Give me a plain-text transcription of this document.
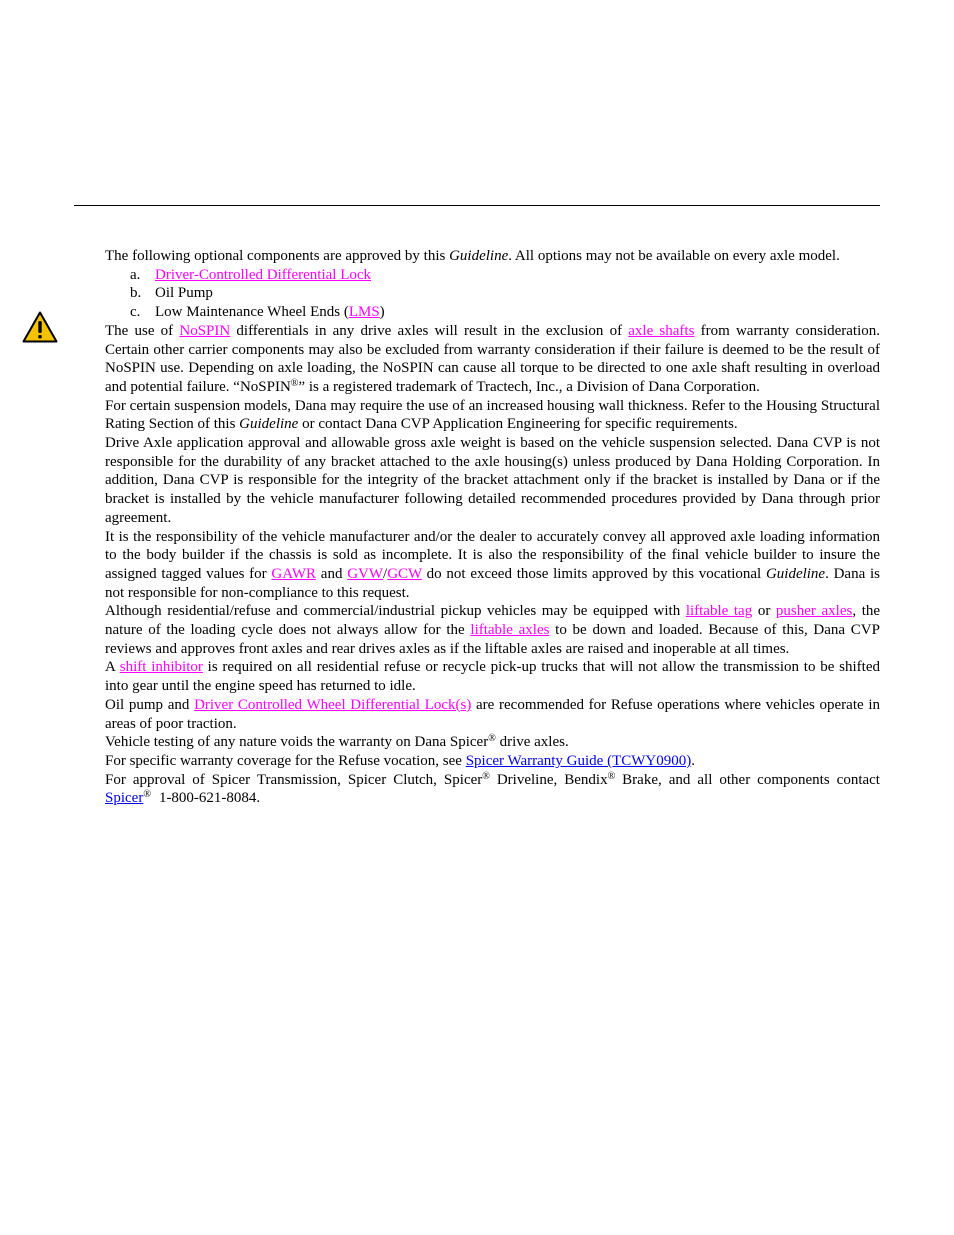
The following optional components are approved by this Guideline. All options may not be available on every axle model.

a. Driver-Controlled Differential Lock
b. Oil Pump
c. Low Maintenance Wheel Ends (LMS)

The use of NoSPIN differentials in any drive axles will result in the exclusion of axle shafts from warranty consideration. Certain other carrier components may also be excluded from warranty consideration if their failure is deemed to be the result of NoSPIN use. Depending on axle loading, the NoSPIN can cause all torque to be directed to one axle shaft resulting in overload and potential failure. “NoSPIN®” is a registered trademark of Tractech, Inc., a Division of Dana Corporation.

For certain suspension models, Dana may require the use of an increased housing wall thickness. Refer to the Housing Structural Rating Section of this Guideline or contact Dana CVP Application Engineering for specific requirements.

Drive Axle application approval and allowable gross axle weight is based on the vehicle suspension selected. Dana CVP is not responsible for the durability of any bracket attached to the axle housing(s) unless produced by Dana Holding Corporation. In addition, Dana CVP is responsible for the integrity of the bracket attachment only if the bracket is installed by Dana or if the bracket is installed by the vehicle manufacturer following detailed recommended procedures provided by Dana through prior agreement.

It is the responsibility of the vehicle manufacturer and/or the dealer to accurately convey all approved axle loading information to the body builder if the chassis is sold as incomplete. It is also the responsibility of the final vehicle builder to insure the assigned tagged values for GAWR and GVW/GCW do not exceed those limits approved by this vocational Guideline. Dana is not responsible for non-compliance to this request.

Although residential/refuse and commercial/industrial pickup vehicles may be equipped with liftable tag or pusher axles, the nature of the loading cycle does not always allow for the liftable axles to be down and loaded. Because of this, Dana CVP reviews and approves front axles and rear drives axles as if the liftable axles are raised and inoperable at all times.

A shift inhibitor is required on all residential refuse or recycle pick-up trucks that will not allow the transmission to be shifted into gear until the engine speed has returned to idle.

Oil pump and Driver Controlled Wheel Differential Lock(s) are recommended for Refuse operations where vehicles operate in areas of poor traction.

Vehicle testing of any nature voids the warranty on Dana Spicer® drive axles.

For specific warranty coverage for the Refuse vocation, see Spicer Warranty Guide (TCWY0900).

For approval of Spicer Transmission, Spicer Clutch, Spicer® Driveline, Bendix® Brake, and all other components contact Spicer® 1-800-621-8084.
